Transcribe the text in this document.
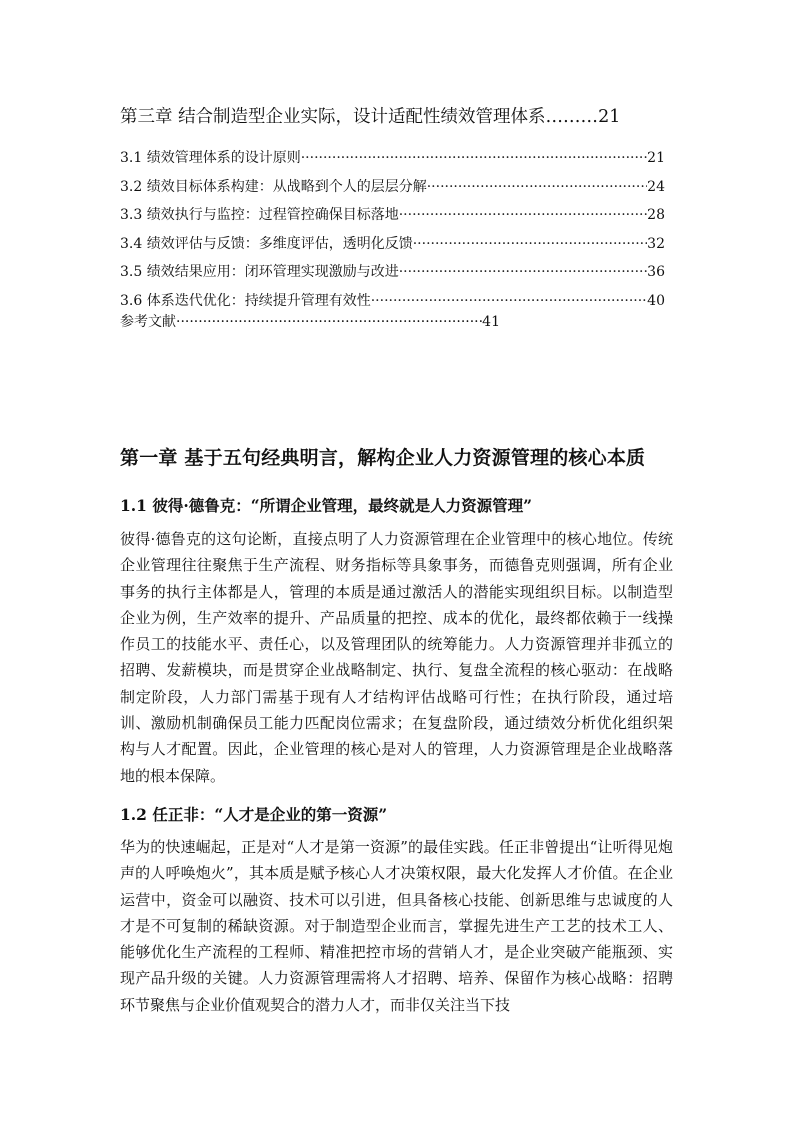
第三章 结合制造型企业实际，设计适配性绩效管理体系………21
3.1 绩效管理体系的设计原则 ·····	21
3.2 绩效目标体系构建：从战略到个人的层层分解 ·····	24
3.3 绩效执行与监控：过程管控确保目标落地 ·····	28
3.4 绩效评估与反馈：多维度评估，透明化反馈 ·····	32
3.5 绩效结果应用：闭环管理实现激励与改进 ·····	36
3.6 体系迭代优化：持续提升管理有效性 ·····	40
参考文献 ·····	41
第一章 基于五句经典明言，解构企业人力资源管理的核心本质
1.1 彼得·德鲁克：“所谓企业管理，最终就是人力资源管理”

彼得·德鲁克的这句论断，直接点明了人力资源管理在企业管理中的核心地位。传统企业管理往往聚焦于生产流程、财务指标等具象事务，而德鲁克则强调，所有企业事务的执行主体都是人，管理的本质是通过激活人的潜能实现组织目标。以制造型企业为例，生产效率的提升、产品质量的把控、成本的优化，最终都依赖于一线操作员工的技能水平、责任心，以及管理团队的统筹能力。人力资源管理并非孤立的招聘、发薪模块，而是贯穿企业战略制定、执行、复盘全流程的核心驱动：在战略制定阶段，人力部门需基于现有人才结构评估战略可行性；在执行阶段，通过培训、激励机制确保员工能力匹配岗位需求；在复盘阶段，通过绩效分析优化组织架构与人才配置。因此，企业管理的核心是对人的管理，人力资源管理是企业战略落地的根本保障。

1.2 任正非：“人才是企业的第一资源”

华为的快速崛起，正是对“人才是第一资源”的最佳实践。任正非曾提出“让听得见炮声的人呼唤炮火”，其本质是赋予核心人才决策权限，最大化发挥人才价值。在企业运营中，资金可以融资、技术可以引进，但具备核心技能、创新思维与忠诚度的人才是不可复制的稀缺资源。对于制造型企业而言，掌握先进生产工艺的技术工人、能够优化生产流程的工程师、精准把控市场的营销人才，是企业突破产能瓶颈、实现产品升级的关键。人力资源管理需将人才招聘、培养、保留作为核心战略：招聘环节聚焦与企业价值观契合的潜力人才，而非仅关注当下技
